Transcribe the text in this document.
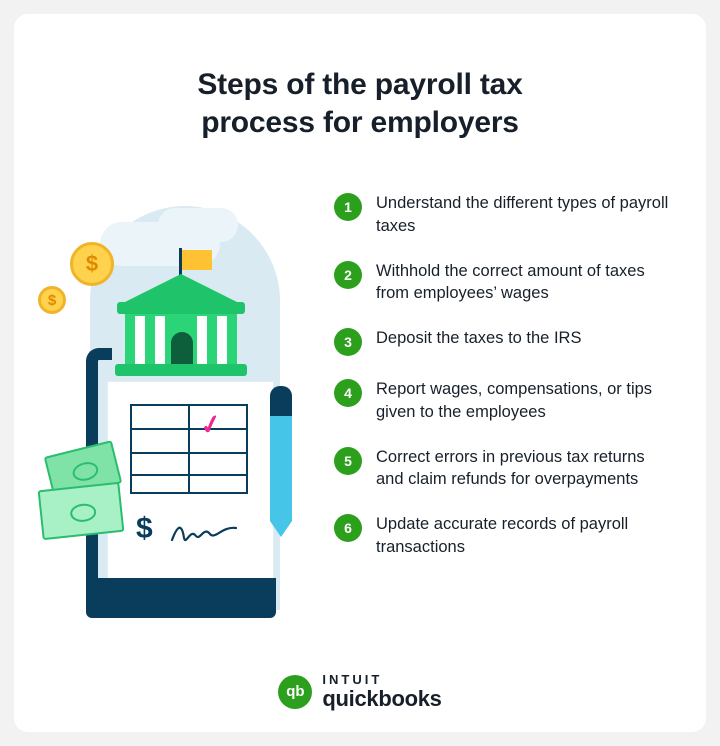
Steps of the payroll tax
process for employers
$
$
✓
$
1	Understand the different types of payroll taxes
2	Withhold the correct amount of taxes from employees’ wages
3	Deposit the taxes to the IRS
4	Report wages, compensations, or tips given to the employees
5	Correct errors in previous tax returns and claim refunds for overpayments
6	Update accurate records of payroll transactions
qb
INTUIT
quickbooks
